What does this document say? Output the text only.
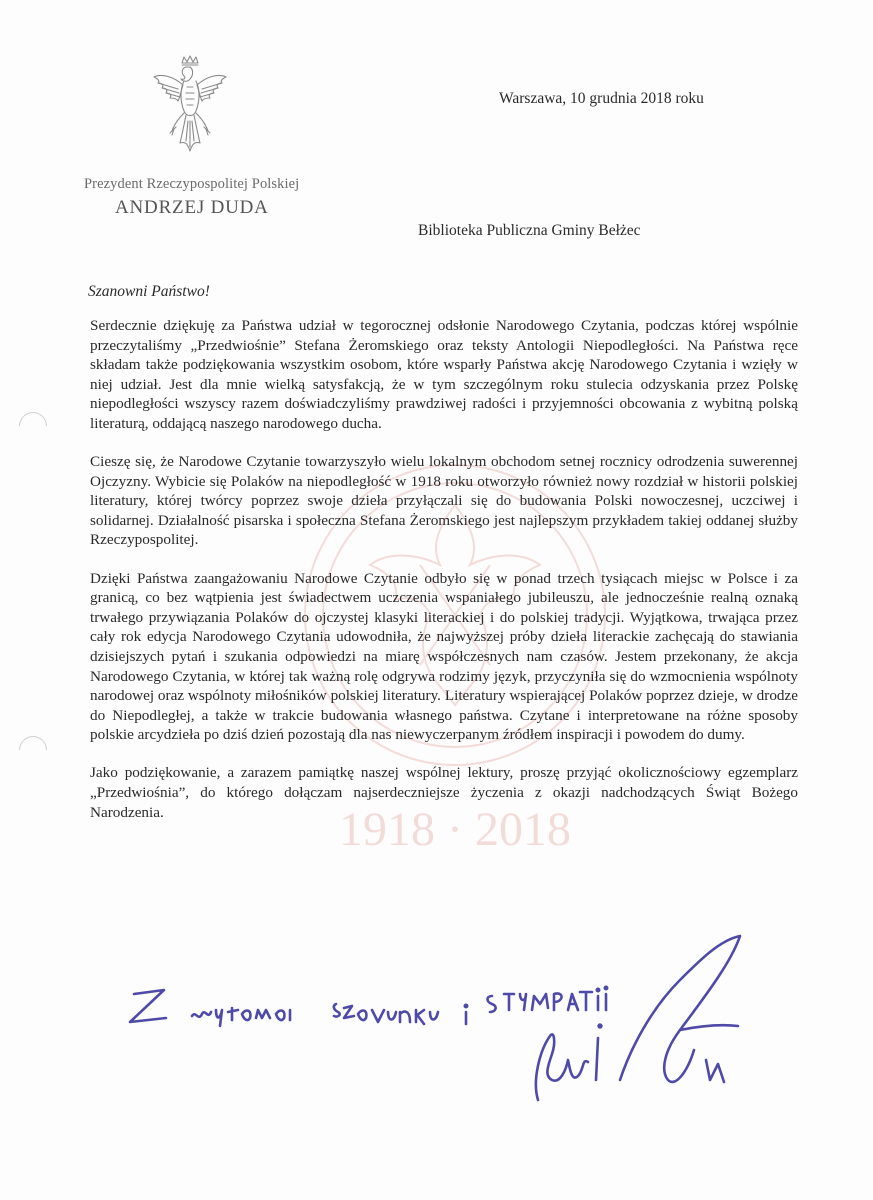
Prezydent Rzeczypospolitej Polskiej
ANDRZEJ DUDA
Warszawa, 10 grudnia 2018 roku
Biblioteka Publiczna Gminy Bełżec
Szanowni Państwo!
1918 · 2018

Serdecznie dziękuję za Państwa udział w tegorocznej odsłonie Narodowego Czytania, podczas której wspólnie przeczytaliśmy „Przedwiośnie” Stefana Żeromskiego oraz teksty Antologii Niepodległości. Na Państwa ręce składam także podziękowania wszystkim osobom, które wsparły Państwa akcję Narodowego Czytania i wzięły w niej udział. Jest dla mnie wielką satysfakcją, że w tym szczególnym roku stulecia odzyskania przez Polskę niepodległości wszyscy razem doświadczyliśmy prawdziwej radości i przyjemności obcowania z wybitną polską literaturą, oddającą naszego narodowego ducha.

Cieszę się, że Narodowe Czytanie towarzyszyło wielu lokalnym obchodom setnej rocznicy odrodzenia suwerennej Ojczyzny. Wybicie się Polaków na niepodległość w 1918 roku otworzyło również nowy rozdział w historii polskiej literatury, której twórcy poprzez swoje dzieła przyłączali się do budowania Polski nowoczesnej, uczciwej i solidarnej. Działalność pisarska i społeczna Stefana Żeromskiego jest najlepszym przykładem takiej oddanej służby Rzeczypospolitej.

Dzięki Państwa zaangażowaniu Narodowe Czytanie odbyło się w ponad trzech tysiącach miejsc w Polsce i za granicą, co bez wątpienia jest świadectwem uczczenia wspaniałego jubileuszu, ale jednocześnie realną oznaką trwałego przywiązania Polaków do ojczystej klasyki literackiej i do polskiej tradycji. Wyjątkowa, trwająca przez cały rok edycja Narodowego Czytania udowodniła, że najwyższej próby dzieła literackie zachęcają do stawiania dzisiejszych pytań i szukania odpowiedzi na miarę współczesnych nam czasów. Jestem przekonany, że akcja Narodowego Czytania, w której tak ważną rolę odgrywa rodzimy język, przyczyniła się do wzmocnienia wspólnoty narodowej oraz wspólnoty miłośników polskiej literatury. Literatury wspierającej Polaków poprzez dzieje, w drodze do Niepodległej, a także w trakcie budowania własnego państwa. Czytane i interpretowane na różne sposoby polskie arcydzieła po dziś dzień pozostają dla nas niewyczerpanym źródłem inspiracji i powodem do dumy.

Jako podziękowanie, a zarazem pamiątkę naszej wspólnej lektury, proszę przyjąć okolicznościowy egzemplarz „Przedwiośnia”, do którego dołączam najserdeczniejsze życzenia z okazji nadchodzących Świąt Bożego Narodzenia.
